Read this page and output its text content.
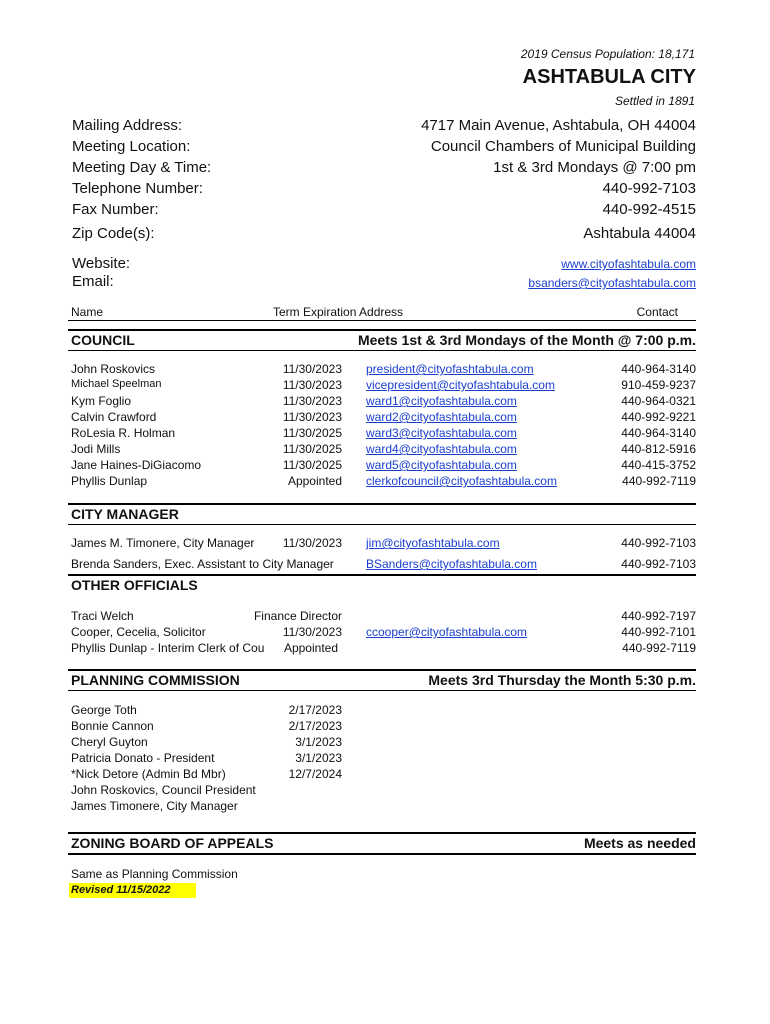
2019 Census Population: 18,171
ASHTABULA CITY
Settled in 1891
Mailing Address:	4717 Main Avenue, Ashtabula, OH 44004
Meeting Location:	Council Chambers of Municipal Building
Meeting Day & Time:	1st & 3rd Mondays @ 7:00 pm
Telephone Number:	440-992-7103
Fax Number:	440-992-4515
Zip Code(s):	Ashtabula 44004
Website:	www.cityofashtabula.com
Email:	bsanders@cityofashtabula.com
Name	Term Expiration Address	Contact
COUNCIL	Meets 1st & 3rd Mondays of the Month @ 7:00 p.m.
John Roskovics	11/30/2023 president@cityofashtabula.com	440-964-3140
Michael Speelman	11/30/2023 vicepresident@cityofashtabula.com	910-459-9237
Kym Foglio	11/30/2023 ward1@cityofashtabula.com	440-964-0321
Calvin Crawford	11/30/2023 ward2@cityofashtabula.com	440-992-9221
RoLesia R. Holman	11/30/2025 ward3@cityofashtabula.com	440-964-3140
Jodi Mills	11/30/2025 ward4@cityofashtabula.com	440-812-5916
Jane Haines-DiGiacomo	11/30/2025 ward5@cityofashtabula.com	440-415-3752
Phyllis Dunlap	Appointed clerkofcouncil@cityofashtabula.com	440-992-7119
CITY MANAGER
James M. Timonere, City Manager 11/30/2023 jim@cityofashtabula.com	440-992-7103
Brenda Sanders, Exec. Assistant to City Manager	BSanders@cityofashtabula.com	440-992-7103
OTHER OFFICIALS
Traci Welch	Finance Director	440-992-7197
Cooper, Cecelia, Solicitor	11/30/2023 ccooper@cityofashtabula.com	440-992-7101
Phyllis Dunlap - Interim Clerk of Cou	Appointed	440-992-7119
PLANNING COMMISSION	Meets 3rd Thursday the Month 5:30 p.m.
George Toth	2/17/2023
Bonnie Cannon	2/17/2023
Cheryl Guyton	3/1/2023
Patricia Donato - President	3/1/2023
*Nick Detore (Admin Bd Mbr)	12/7/2024
John Roskovics, Council President
James Timonere, City Manager
ZONING BOARD OF APPEALS	Meets as needed
Same as Planning Commission
Revised 11/15/2022
